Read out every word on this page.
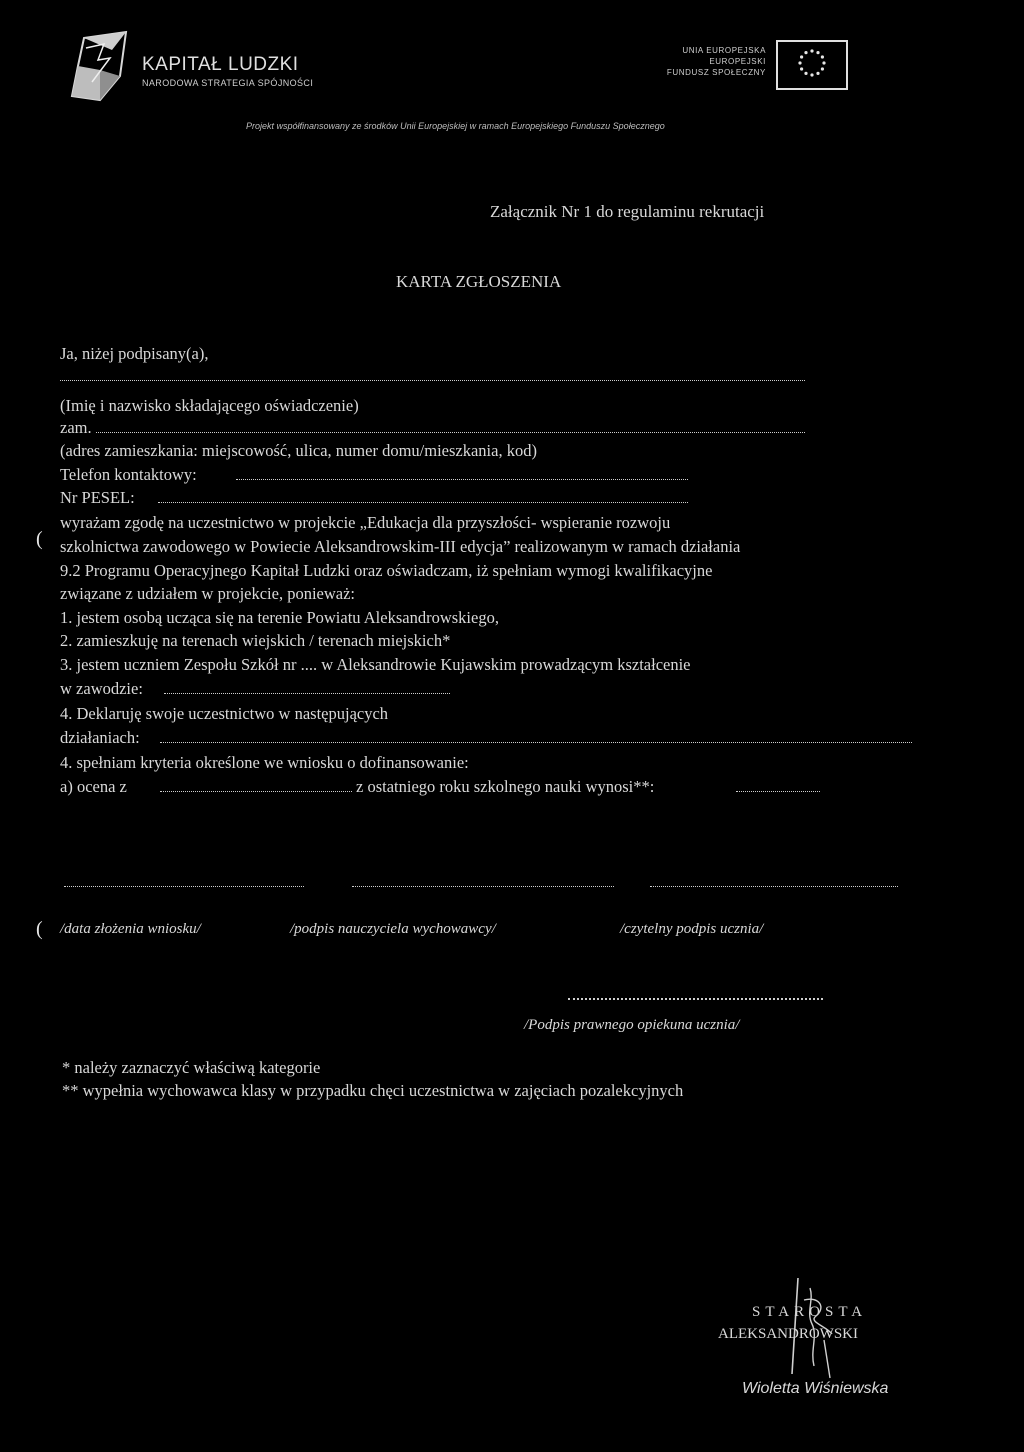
KAPITAŁ LUDZKI
NARODOWA STRATEGIA SPÓJNOŚCI
UNIA EUROPEJSKA
EUROPEJSKI
FUNDUSZ SPOŁECZNY
Projekt współfinansowany ze środków Unii Europejskiej w ramach Europejskiego Funduszu Społecznego
Załącznik Nr 1 do regulaminu rekrutacji
KARTA ZGŁOSZENIA
Ja, niżej podpisany(a),
(Imię i nazwisko składającego oświadczenie)
zam.
(adres zamieszkania: miejscowość, ulica, numer domu/mieszkania, kod)
Telefon kontaktowy:
Nr PESEL:
(
wyrażam zgodę na uczestnictwo w projekcie „Edukacja dla przyszłości- wspieranie rozwoju
szkolnictwa zawodowego w Powiecie Aleksandrowskim-III edycja” realizowanym w ramach działania
9.2 Programu Operacyjnego Kapitał Ludzki oraz oświadczam, iż spełniam wymogi kwalifikacyjne
związane z udziałem w projekcie, ponieważ:
1. jestem osobą ucząca się na terenie Powiatu Aleksandrowskiego,
2. zamieszkuję na terenach wiejskich / terenach miejskich*
3. jestem uczniem Zespołu Szkół nr .... w Aleksandrowie Kujawskim prowadzącym kształcenie
w zawodzie:
4. Deklaruję swoje uczestnictwo w następujących
działaniach:
4. spełniam kryteria określone we wniosku o dofinansowanie:
a) ocena z	z ostatniego roku szkolnego nauki wynosi**:
( /data złożenia wniosku/	/podpis nauczyciela wychowawcy/	/czytelny podpis ucznia/
/Podpis prawnego opiekuna ucznia/
* należy zaznaczyć właściwą kategorie
** wypełnia wychowawca klasy w przypadku chęci uczestnictwa w zajęciach pozalekcyjnych
STAROSTA
ALEKSANDROWSKI
Wioletta Wiśniewska
